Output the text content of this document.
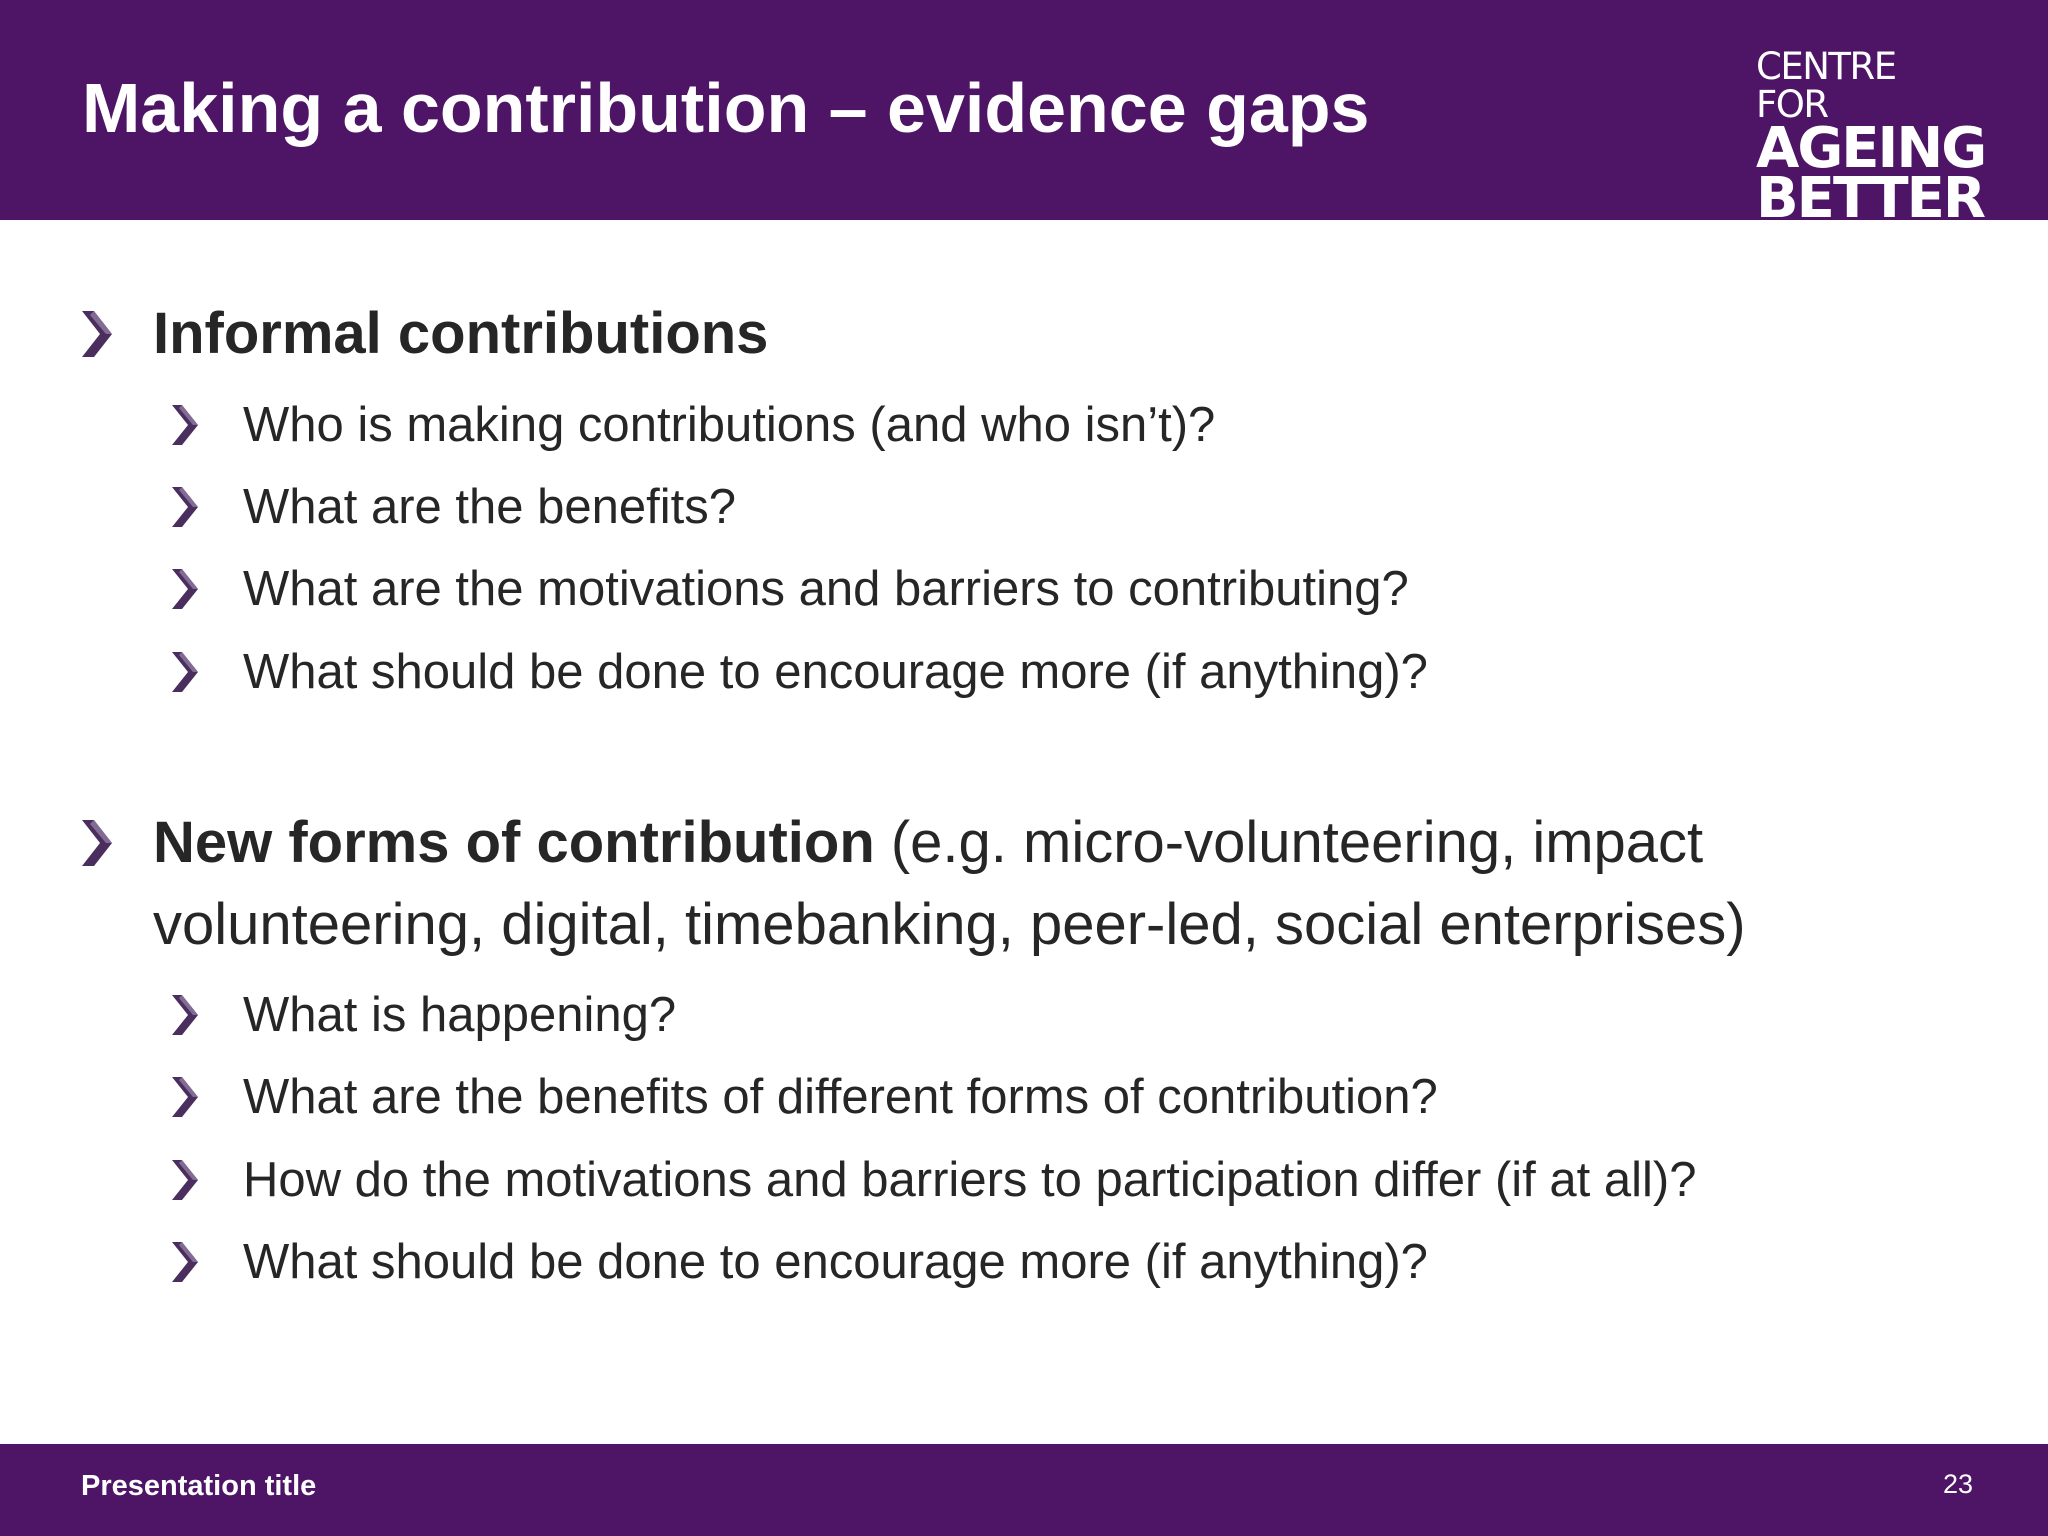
Making a contribution – evidence gaps
CENTRE FOR
AGEING
BETTER
Informal contributions
Who is making contributions (and who isn’t)?
What are the benefits?
What are the motivations and barriers to contributing?
What should be done to encourage more (if anything)?
New forms of contribution (e.g. micro-volunteering, impact volunteering, digital, timebanking, peer-led, social enterprises)
What is happening?
What are the benefits of different forms of contribution?
How do the motivations and barriers to participation differ (if at all)?
What should be done to encourage more (if anything)?
Presentation title	23
